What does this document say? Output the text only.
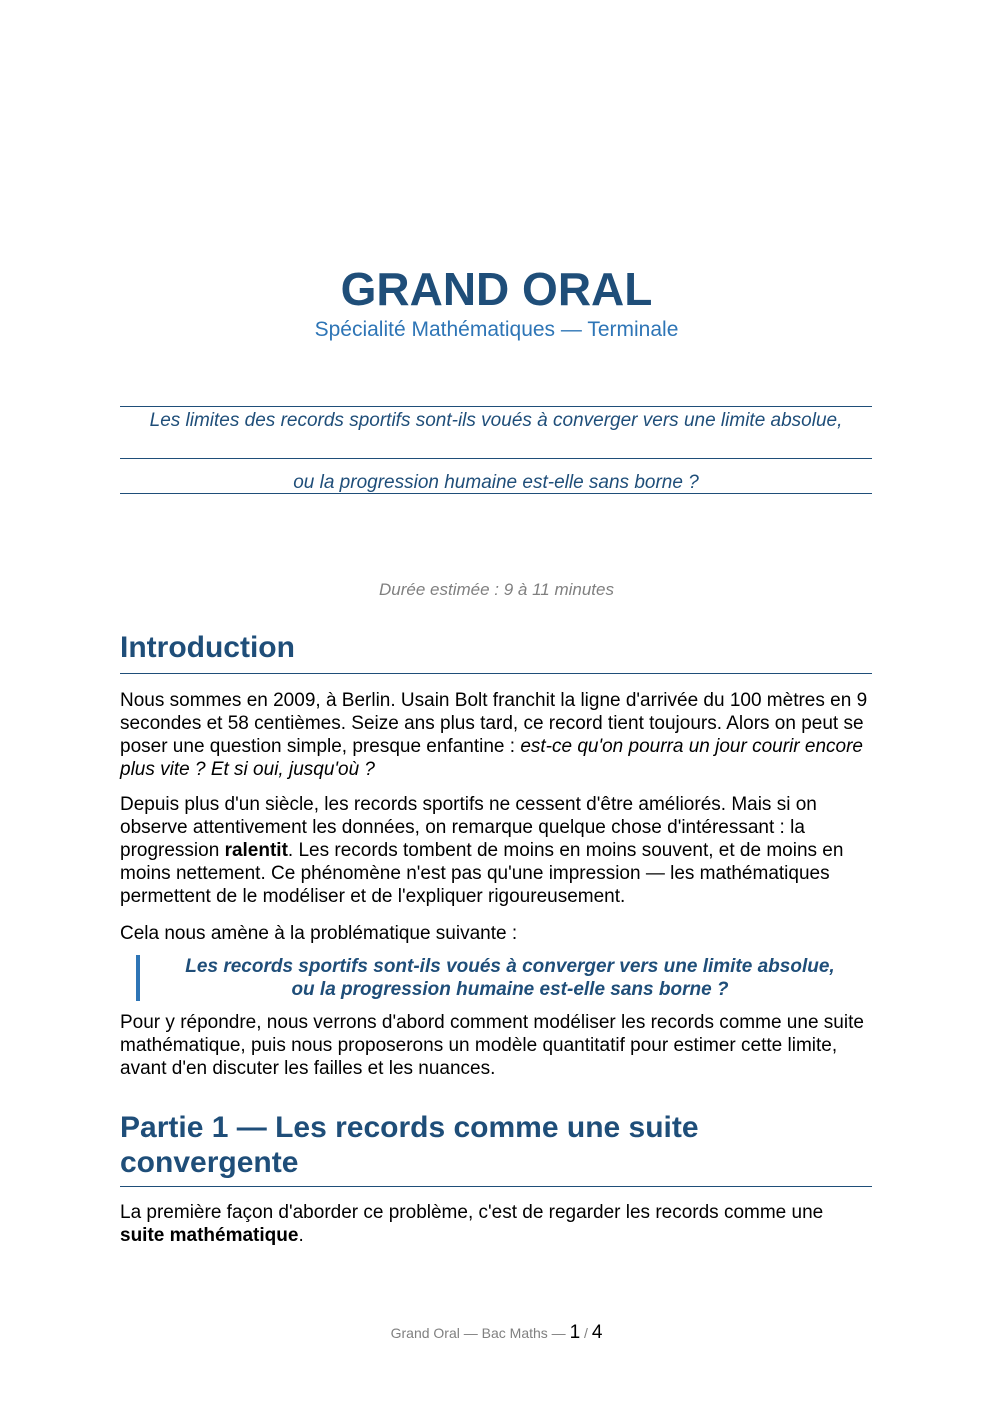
GRAND ORAL
Spécialité Mathématiques — Terminale
Les limites des records sportifs sont-ils voués à converger vers une limite absolue,
ou la progression humaine est-elle sans borne ?
Durée estimée : 9 à 11 minutes
Introduction

Nous sommes en 2009, à Berlin. Usain Bolt franchit la ligne d'arrivée du 100 mètres en 9 secondes et 58 centièmes. Seize ans plus tard, ce record tient toujours. Alors on peut se poser une question simple, presque enfantine : est-ce qu'on pourra un jour courir encore plus vite ? Et si oui, jusqu'où ?

Depuis plus d'un siècle, les records sportifs ne cessent d'être améliorés. Mais si on observe attentivement les données, on remarque quelque chose d'intéressant : la progression ralentit. Les records tombent de moins en moins souvent, et de moins en moins nettement. Ce phénomène n'est pas qu'une impression — les mathématiques permettent de le modéliser et de l'expliquer rigoureusement.

Cela nous amène à la problématique suivante :

Les records sportifs sont-ils voués à converger vers une limite absolue,
ou la progression humaine est-elle sans borne ?

Pour y répondre, nous verrons d'abord comment modéliser les records comme une suite mathématique, puis nous proposerons un modèle quantitatif pour estimer cette limite, avant d'en discuter les failles et les nuances.

Partie 1 — Les records comme une suite convergente

La première façon d'aborder ce problème, c'est de regarder les records comme une suite mathématique.

Grand Oral — Bac Maths — 1 / 4
